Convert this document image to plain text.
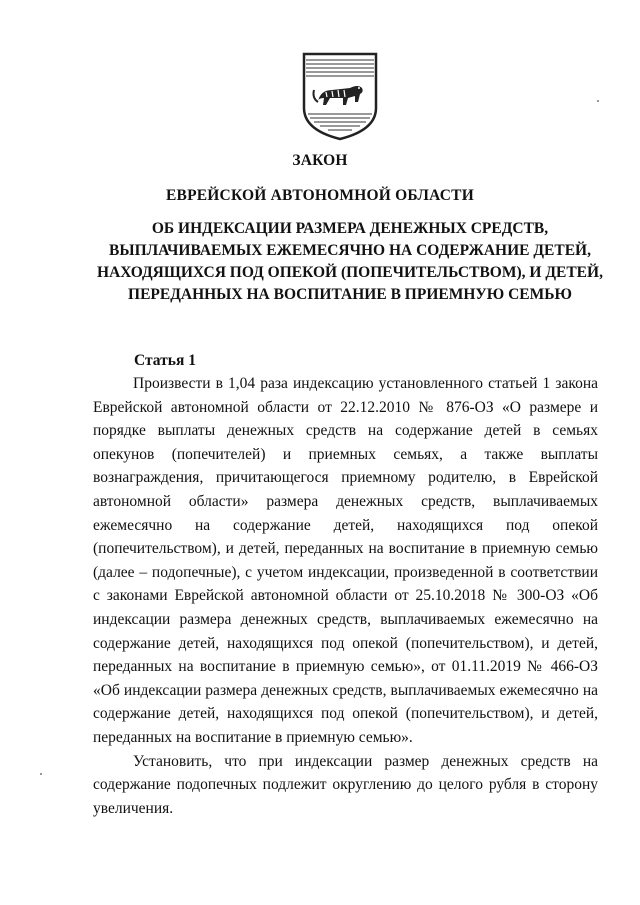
ЗАКОН
ЕВРЕЙСКОЙ АВТОНОМНОЙ ОБЛАСТИ
ОБ ИНДЕКСАЦИИ РАЗМЕРА ДЕНЕЖНЫХ СРЕДСТВ, ВЫПЛАЧИВАЕМЫХ ЕЖЕМЕСЯЧНО НА СОДЕРЖАНИЕ ДЕТЕЙ, НАХОДЯЩИХСЯ ПОД ОПЕКОЙ (ПОПЕЧИТЕЛЬСТВОМ), И ДЕТЕЙ, ПЕРЕДАННЫХ НА ВОСПИТАНИЕ В ПРИЕМНУЮ СЕМЬЮ
Статья 1

Произвести в 1,04 раза индексацию установленного статьей 1 закона Еврейской автономной области от 22.12.2010 № 876-ОЗ «О размере и порядке выплаты денежных средств на содержание детей в семьях опекунов (попечителей) и приемных семьях, а также выплаты вознаграждения, причитающегося приемному родителю, в Еврейской автономной области» размера денежных средств, выплачиваемых ежемесячно на содержание детей, находящихся под опекой (попечительством), и детей, переданных на воспитание в приемную семью (далее – подопечные), с учетом индексации, произведенной в соответствии с законами Еврейской автономной области от 25.10.2018 № 300-ОЗ «Об индексации размера денежных средств, выплачиваемых ежемесячно на содержание детей, находящихся под опекой (попечительством), и детей, переданных на воспитание в приемную семью», от 01.11.2019 № 466-ОЗ «Об индексации размера денежных средств, выплачиваемых ежемесячно на содержание детей, находящихся под опекой (попечительством), и детей, переданных на воспитание в приемную семью».

Установить, что при индексации размер денежных средств на содержание подопечных подлежит округлению до целого рубля в сторону увеличения.
